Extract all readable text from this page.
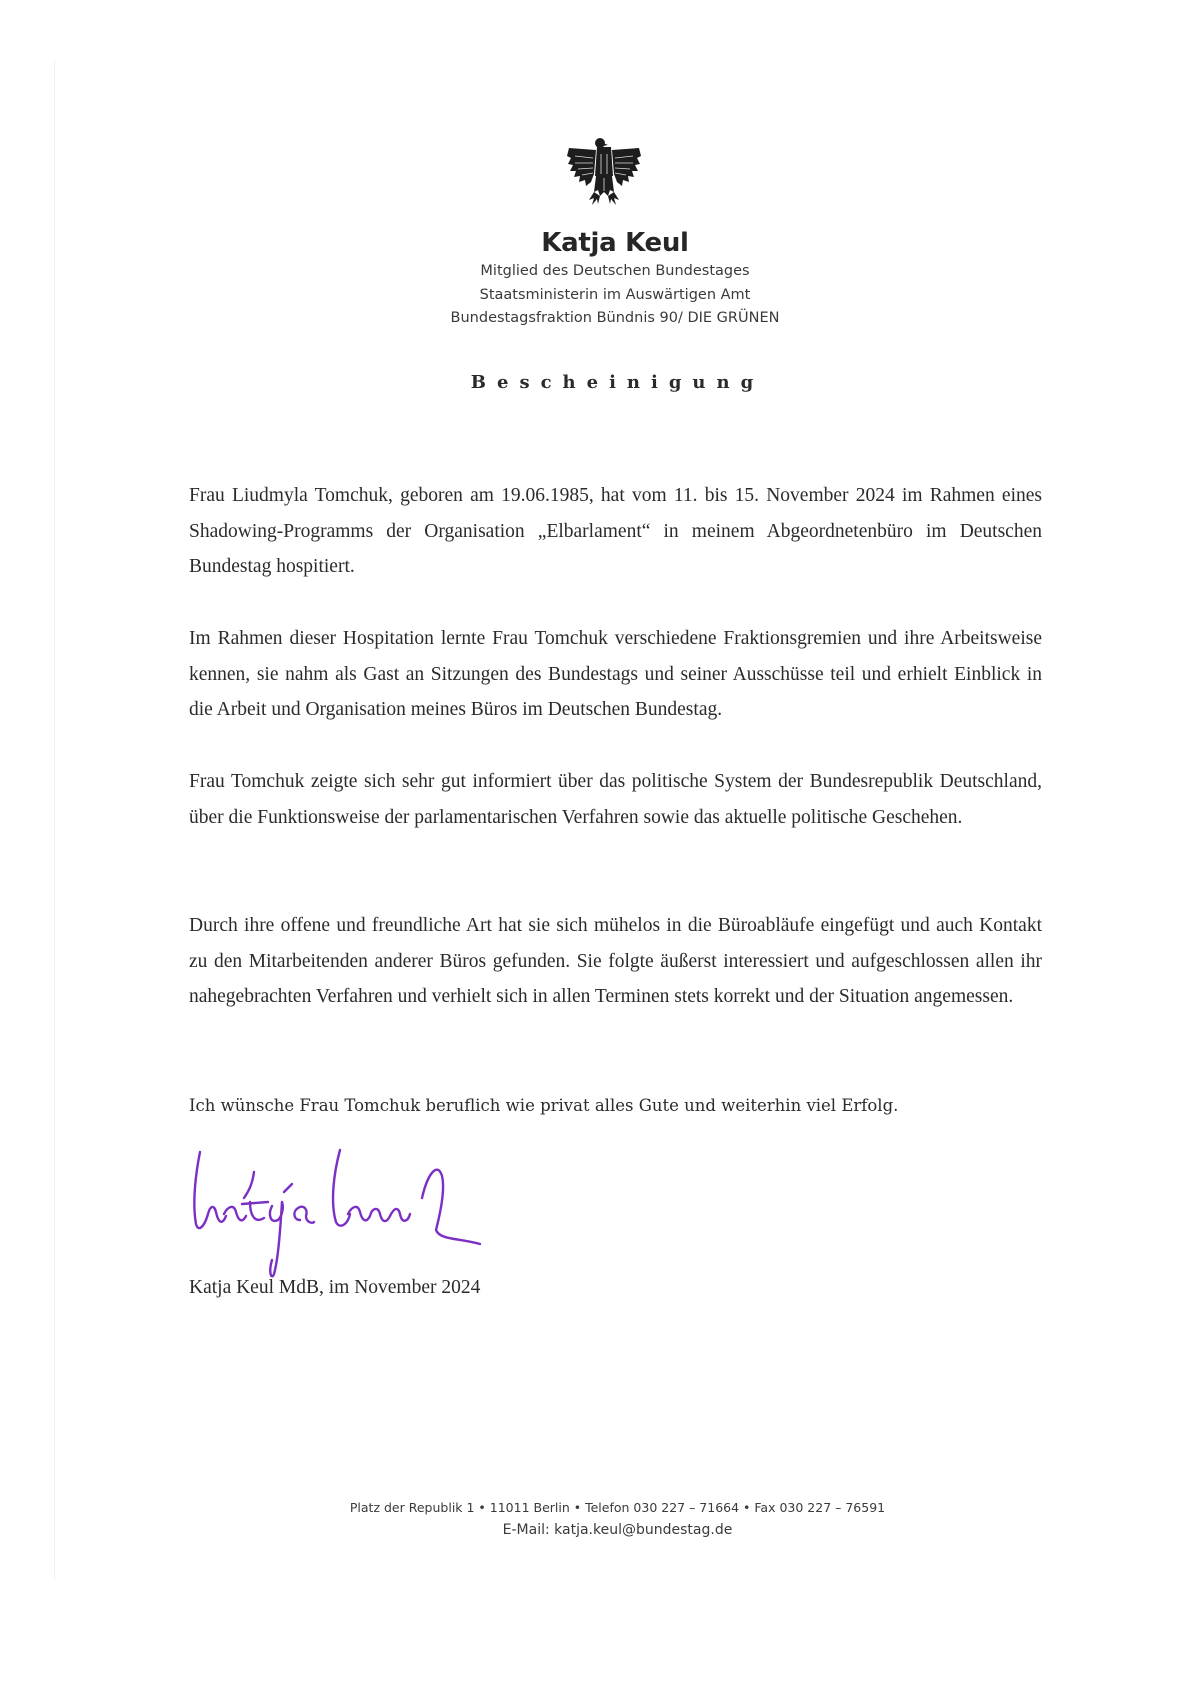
Katja Keul
Mitglied des Deutschen Bundestages
Staatsministerin im Auswärtigen Amt
Bundestagsfraktion Bündnis 90/ DIE GRÜNEN
Bescheinigung

Frau Liudmyla Tomchuk, geboren am 19.06.1985, hat vom 11. bis 15. November 2024 im Rahmen eines Shadowing-Programms der Organisation „Elbarlament“ in meinem Abgeordnetenbüro im Deutschen Bundestag hospitiert.

Im Rahmen dieser Hospitation lernte Frau Tomchuk verschiedene Fraktionsgremien und ihre Arbeitsweise kennen, sie nahm als Gast an Sitzungen des Bundestags und seiner Ausschüsse teil und erhielt Einblick in die Arbeit und Organisation meines Büros im Deutschen Bundestag.

Frau Tomchuk zeigte sich sehr gut informiert über das politische System der Bundesrepublik Deutschland, über die Funktionsweise der parlamentarischen Verfahren sowie das aktuelle politische Geschehen.

Durch ihre offene und freundliche Art hat sie sich mühelos in die Büroabläufe eingefügt und auch Kontakt zu den Mitarbeitenden anderer Büros gefunden. Sie folgte äußerst interessiert und aufgeschlossen allen ihr nahegebrachten Verfahren und verhielt sich in allen Terminen stets korrekt und der Situation angemessen.

Ich wünsche Frau Tomchuk beruflich wie privat alles Gute und weiterhin viel Erfolg.

Katja Keul MdB, im November 2024

Platz der Republik 1 • 11011 Berlin • Telefon 030 227 – 71664 • Fax 030 227 – 76591
E-Mail: katja.keul@bundestag.de
